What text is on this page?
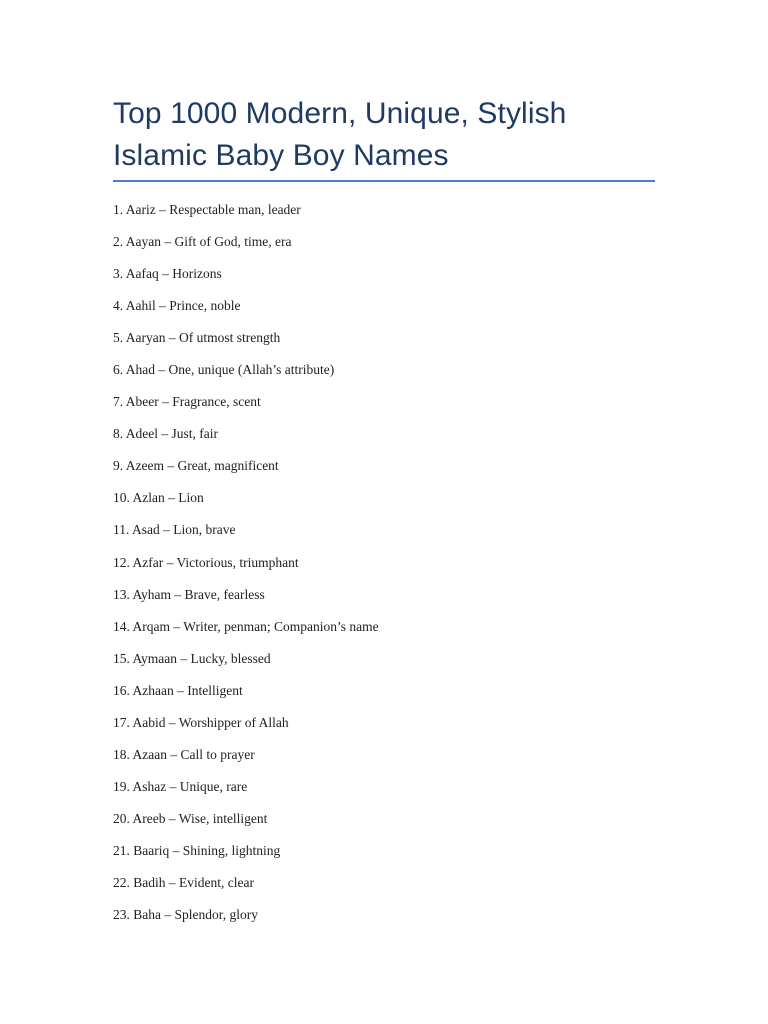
Top 1000 Modern, Unique, Stylish
Islamic Baby Boy Names
1. Aariz – Respectable man, leader
2. Aayan – Gift of God, time, era
3. Aafaq – Horizons
4. Aahil – Prince, noble
5. Aaryan – Of utmost strength
6. Ahad – One, unique (Allah’s attribute)
7. Abeer – Fragrance, scent
8. Adeel – Just, fair
9. Azeem – Great, magnificent
10. Azlan – Lion
11. Asad – Lion, brave
12. Azfar – Victorious, triumphant
13. Ayham – Brave, fearless
14. Arqam – Writer, penman; Companion’s name
15. Aymaan – Lucky, blessed
16. Azhaan – Intelligent
17. Aabid – Worshipper of Allah
18. Azaan – Call to prayer
19. Ashaz – Unique, rare
20. Areeb – Wise, intelligent
21. Baariq – Shining, lightning
22. Badih – Evident, clear
23. Baha – Splendor, glory
